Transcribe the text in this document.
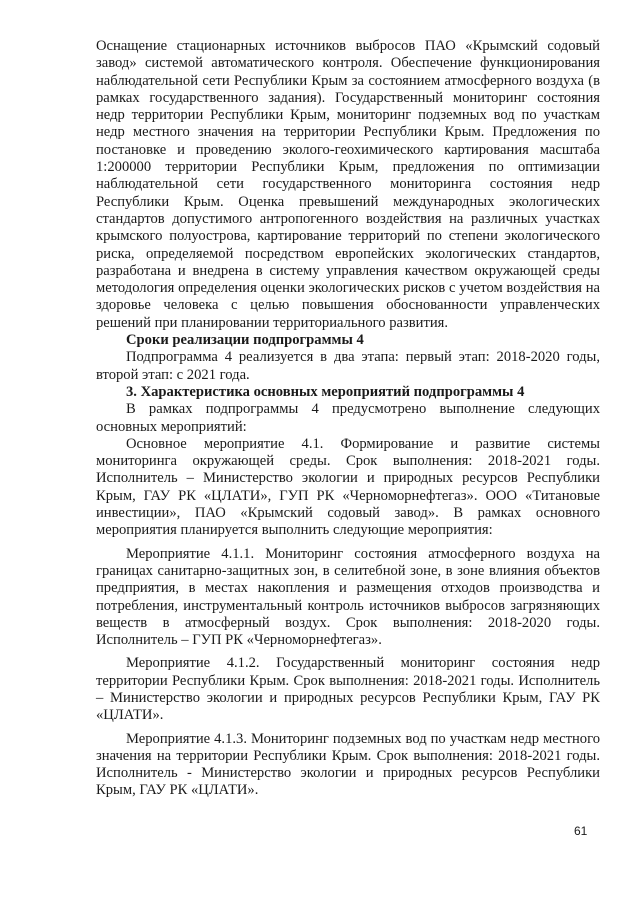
Оснащение стационарных источников выбросов ПАО «Крымский содовый завод» системой автоматического контроля. Обеспечение функционирования наблюдательной сети Республики Крым за состоянием атмосферного воздуха (в рамках государственного задания). Государственный мониторинг состояния недр территории Республики Крым, мониторинг подземных вод по участкам недр местного значения на территории Республики Крым. Предложения по постановке и проведению эколого-геохимического картирования масштаба 1:200000 территории Республики Крым, предложения по оптимизации наблюдательной сети государственного мониторинга состояния недр Республики Крым. Оценка превышений международных экологических стандартов допустимого антропогенного воздействия на различных участках крымского полуострова, картирование территорий по степени экологического риска, определяемой посредством европейских экологических стандартов, разработана и внедрена в систему управления качеством окружающей среды методология определения оценки экологических рисков с учетом воздействия на здоровье человека с целью повышения обоснованности управленческих решений при планировании территориального развития.

Сроки реализации подпрограммы 4

Подпрограмма 4 реализуется в два этапа: первый этап: 2018-2020 годы, второй этап: с 2021 года.

3. Характеристика основных мероприятий подпрограммы 4

В рамках подпрограммы 4 предусмотрено выполнение следующих основных мероприятий:

Основное мероприятие 4.1. Формирование и развитие системы мониторинга окружающей среды. Срок выполнения: 2018-2021 годы. Исполнитель – Министерство экологии и природных ресурсов Республики Крым, ГАУ РК «ЦЛАТИ», ГУП РК «Черноморнефтегаз». ООО «Титановые инвестиции», ПАО «Крымский содовый завод». В рамках основного мероприятия планируется выполнить следующие мероприятия:

Мероприятие 4.1.1. Мониторинг состояния атмосферного воздуха на границах санитарно-защитных зон, в селитебной зоне, в зоне влияния объектов предприятия, в местах накопления и размещения отходов производства и потребления, инструментальный контроль источников выбросов загрязняющих веществ в атмосферный воздух. Срок выполнения: 2018-2020 годы. Исполнитель – ГУП РК «Черноморнефтегаз».

Мероприятие 4.1.2. Государственный мониторинг состояния недр территории Республики Крым. Срок выполнения: 2018-2021 годы. Исполнитель – Министерство экологии и природных ресурсов Республики Крым, ГАУ РК «ЦЛАТИ».

Мероприятие 4.1.3. Мониторинг подземных вод по участкам недр местного значения на территории Республики Крым. Срок выполнения: 2018-2021 годы. Исполнитель - Министерство экологии и природных ресурсов Республики Крым, ГАУ РК «ЦЛАТИ».

61
